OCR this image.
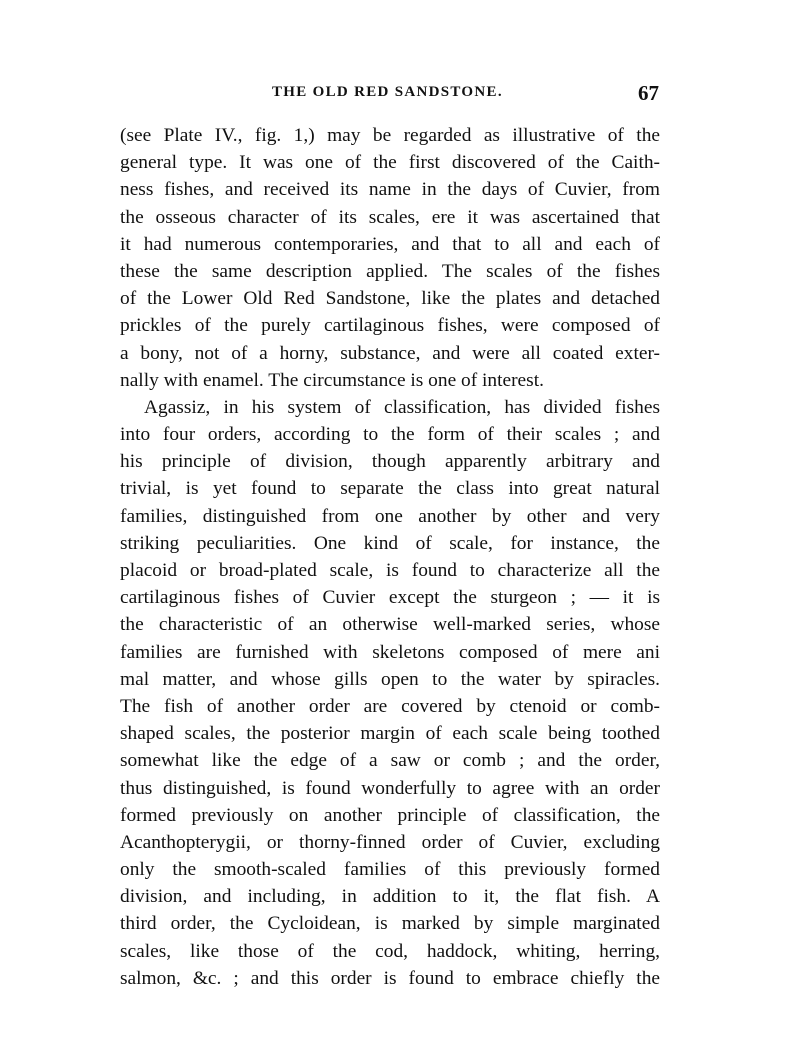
THE OLD RED SANDSTONE.	67
(see Plate IV., fig. 1,) may be regarded as illustrative of the
general type. It was one of the first discovered of the Caith-
ness fishes, and received its name in the days of Cuvier, from
the osseous character of its scales, ere it was ascertained that
it had numerous contemporaries, and that to all and each of
these the same description applied. The scales of the fishes
of the Lower Old Red Sandstone, like the plates and detached
prickles of the purely cartilaginous fishes, were composed of
a bony, not of a horny, substance, and were all coated exter-
nally with enamel. The circumstance is one of interest.
Agassiz, in his system of classification, has divided fishes
into four orders, according to the form of their scales ; and
his principle of division, though apparently arbitrary and
trivial, is yet found to separate the class into great natural
families, distinguished from one another by other and very
striking peculiarities. One kind of scale, for instance, the
placoid or broad-plated scale, is found to characterize all the
cartilaginous fishes of Cuvier except the sturgeon ; — it is
the characteristic of an otherwise well-marked series, whose
families are furnished with skeletons composed of mere ani
mal matter, and whose gills open to the water by spiracles.
The fish of another order are covered by ctenoid or comb-
shaped scales, the posterior margin of each scale being toothed
somewhat like the edge of a saw or comb ; and the order,
thus distinguished, is found wonderfully to agree with an order
formed previously on another principle of classification, the
Acanthopterygii, or thorny-finned order of Cuvier, excluding
only the smooth-scaled families of this previously formed
division, and including, in addition to it, the flat fish. A
third order, the Cycloidean, is marked by simple marginated
scales, like those of the cod, haddock, whiting, herring,
salmon, &c. ; and this order is found to embrace chiefly the
